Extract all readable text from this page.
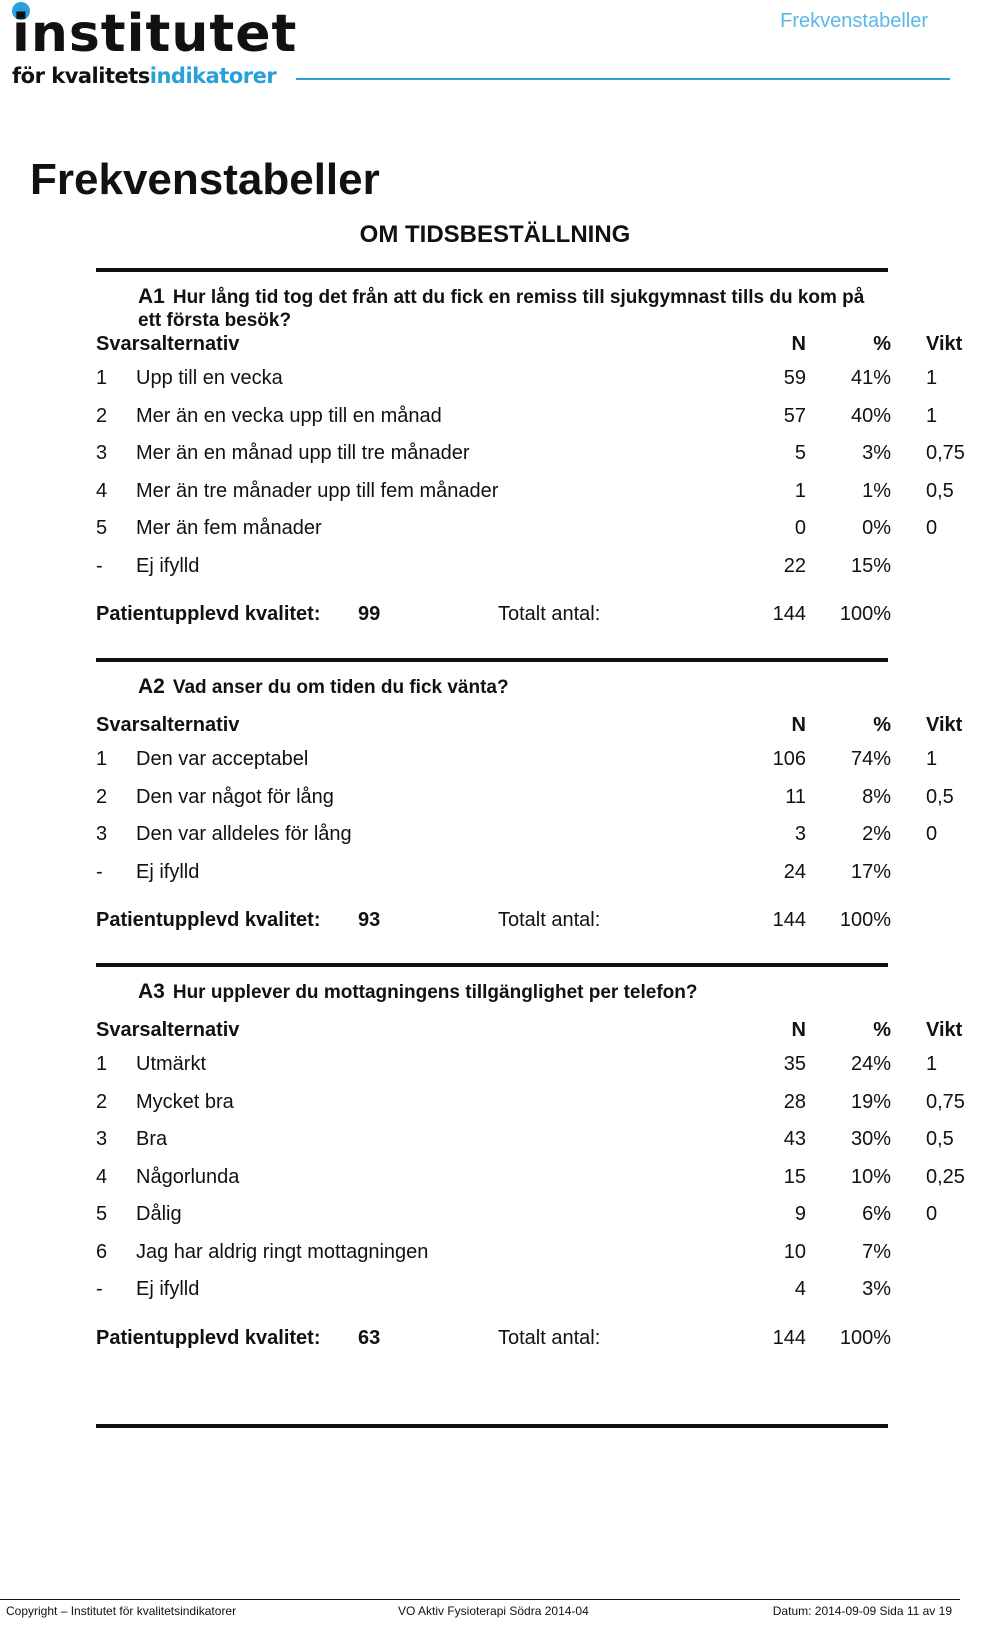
institutet
för kvalitetsindikatorer
Frekvenstabeller
Frekvenstabeller
OM TIDSBESTÄLLNING
A1 Hur lång tid tog det från att du fick en remiss till sjukgymnast tills du kom på ett första besök?
Svarsalternativ	N	% Vikt
1	Upp till en vecka	59	41% 1
2	Mer än en vecka upp till en månad	57	40% 1
3	Mer än en månad upp till tre månader	5	3% 0,75
4	Mer än tre månader upp till fem månader	1	1% 0,5
5	Mer än fem månader	0	0% 0
-	Ej ifylld	22	15%
Patientupplevd kvalitet: 99	Totalt antal:	144	100%
A2 Vad anser du om tiden du fick vänta?
Svarsalternativ	N	% Vikt
1	Den var acceptabel	106	74% 1
2	Den var något för lång	11	8% 0,5
3	Den var alldeles för lång	3	2% 0
-	Ej ifylld	24	17%
Patientupplevd kvalitet: 93	Totalt antal:	144	100%
A3 Hur upplever du mottagningens tillgänglighet per telefon?
Svarsalternativ	N	% Vikt
1	Utmärkt	35	24% 1
2	Mycket bra	28	19% 0,75
3	Bra	43	30% 0,5
4	Någorlunda	15	10% 0,25
5	Dålig	9	6% 0
6	Jag har aldrig ringt mottagningen	10	7%
-	Ej ifylld	4	3%
Patientupplevd kvalitet: 63	Totalt antal:	144	100%
Copyright – Institutet för kvalitetsindikatorer	VO Aktiv Fysioterapi Södra 2014-04	Datum: 2014-09-09 Sida 11 av 19
